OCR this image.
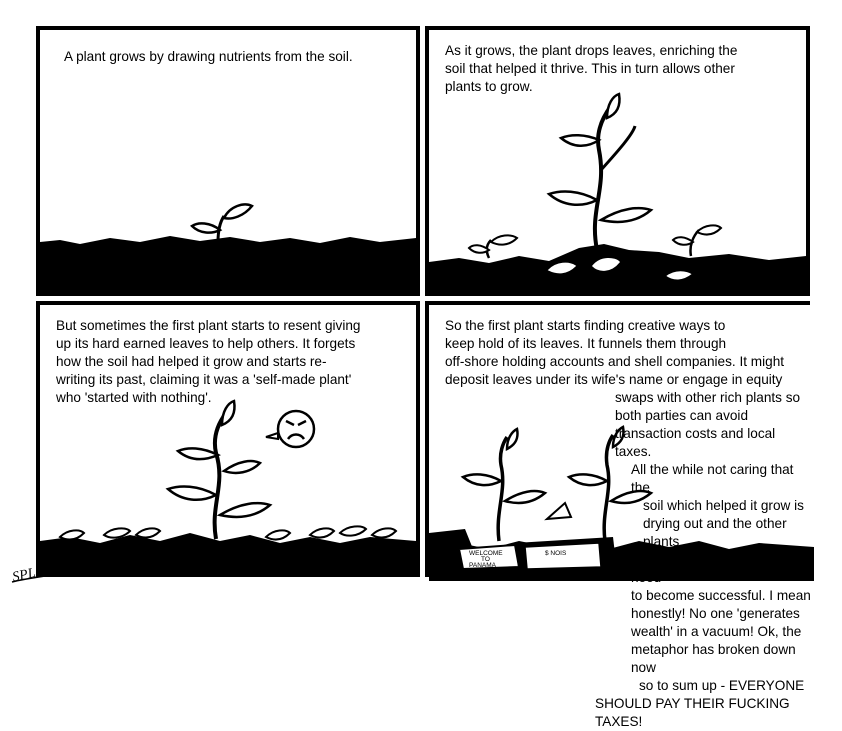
A plant grows by drawing nutrients from the soil.	As it grows, the plant drops leaves, enriching the
soil that helped it thrive. This in turn allows other
plants to grow.
But sometimes the first plant starts to resent giving
up its hard earned leaves to help others. It forgets
how the soil had helped it grow and starts re-
writing its past, claiming it was a 'self-made plant'
who 'started with nothing'.
WELCOME
TO
PANAMA
$ NOIS
So the first plant starts finding creative ways to
keep hold of its leaves. It funnels them through
off-shore holding accounts and shell companies. It might
deposit leaves under its wife's name or engage in equity
swaps with other rich plants so
both parties can avoid
transaction costs and local taxes.
All the while not caring that the
soil which helped it grow is
drying out and the other plants
can't get the nutrients they need
to become successful. I mean
honestly! No one 'generates
wealth' in a vacuum! Ok, the
metaphor has broken down now
so to sum up - EVERYONE
SHOULD PAY THEIR FUCKING TAXES!
SPLATTS
No Scope Comics
